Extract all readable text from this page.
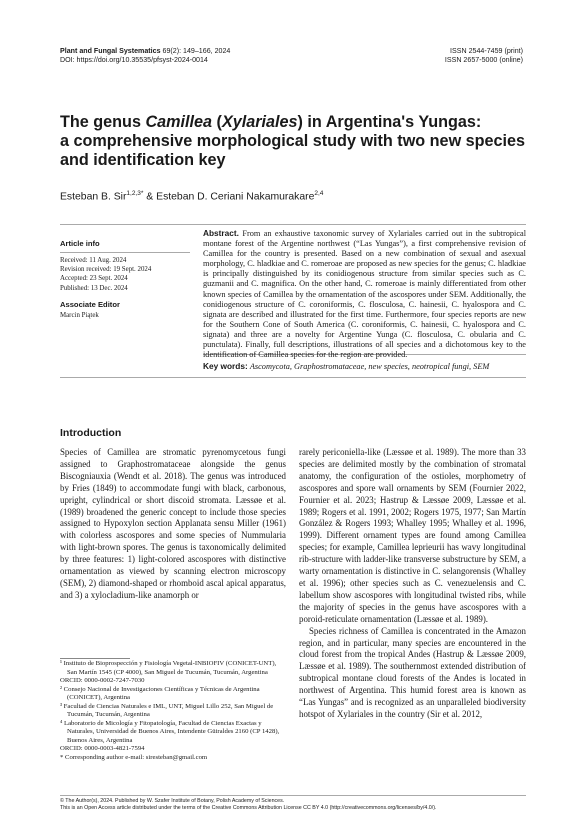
Plant and Fungal Systematics 69(2): 149–166, 2024
DOI: https://doi.org/10.35535/pfsyst-2024-0014
ISSN 2544-7459 (print)
ISSN 2657-5000 (online)
The genus Camillea (Xylariales) in Argentina's Yungas:
a comprehensive morphological study with two new species
and identification key
Esteban B. Sir$^{1,2,3*}$ & Esteban D. Ceriani Nakamurakare$^{2,4}$
Article info
Received: 11 Aug. 2024
Revision received: 19 Sept. 2024
Accepted: 23 Sept. 2024
Published: 13 Dec. 2024
Associate Editor
Marcin Piątek
Abstract. From an exhaustive taxonomic survey of Xylariales carried out in the subtropical montane forest of the Argentine northwest (“Las Yungas”), a first comprehensive revision of Camillea for the country is presented. Based on a new combination of sexual and asexual morphology, C. hladkiae and C. romeroae are proposed as new species for the genus; C. hladkiae is principally distinguished by its conidiogenous structure from similar species such as C. guzmanii and C. magnifica. On the other hand, C. romeroae is mainly differentiated from other known species of Camillea by the ornamentation of the ascospores under SEM. Additionally, the conidiogenous structure of C. coroniformis, C. flosculosa, C. hainesii, C. hyalospora and C. signata are described and illustrated for the first time. Furthermore, four species reports are new for the Southern Cone of South America (C. coroniformis, C. hainesii, C. hyalospora and C. signata) and three are a novelty for Argentine Yunga (C. flosculosa, C. obularia and C. punctulata). Finally, full descriptions, illustrations of all species and a dichotomous key to the identification of Camillea species for the region are provided.
Key words: Ascomycota, Graphostromataceae, new species, neotropical fungi, SEM
Introduction

Species of Camillea are stromatic pyrenomycetous fungi assigned to Graphostromataceae alongside the genus Biscogniauxia (Wendt et al. 2018). The genus was introduced by Fries (1849) to accommodate fungi with black, carbonous, upright, cylindrical or short discoid stromata. Læssøe et al. (1989) broadened the generic concept to include those species assigned to Hypoxylon section Applanata sensu Miller (1961) with colorless ascospores and some species of Nummularia with light-brown spores. The genus is taxonomically delimited by three features: 1) light-colored ascospores with distinctive ornamentation as viewed by scanning electron microscopy (SEM), 2) diamond-shaped or rhomboid ascal apical apparatus, and 3) a xylocladium-like anamorph or

rarely periconiella-like (Læssøe et al. 1989). The more than 33 species are delimited mostly by the combination of stromatal anatomy, the configuration of the ostioles, morphometry of ascospores and spore wall ornaments by SEM (Fournier 2022, Fournier et al. 2023; Hastrup & Læssøe 2009, Læssøe et al. 1989; Rogers et al. 1991, 2002; Rogers 1975, 1977; San Martín González & Rogers 1993; Whalley 1995; Whalley et al. 1996, 1999). Different ornament types are found among Camillea species; for example, Camillea leprieurii has wavy longitudinal rib-structure with ladder-like transverse substructure by SEM, a warty ornamentation is distinctive in C. selangorensis (Whalley et al. 1996); other species such as C. venezuelensis and C. labellum show ascospores with longitudinal twisted ribs, while the majority of species in the genus have ascospores with a poroid-reticulate ornamentation (Læssøe et al. 1989).

Species richness of Camillea is concentrated in the Amazon region, and in particular, many species are encountered in the cloud forest from the tropical Andes (Hastrup & Læssøe 2009, Læssøe et al. 1989). The southernmost extended distribution of subtropical montane cloud forests of the Andes is located in northwest of Argentina. This humid forest area is known as “Las Yungas” and is recognized as an unparalleled biodiversity hotspot of Xylariales in the country (Sir et al. 2012,

¹ Instituto de Bioprospección y Fisiología Vegetal-INBIOFIV (CONICET-UNT), San Martín 1545 (CP 4000), San Miguel de Tucumán, Tucumán, Argentina
ORCID: 0000-0002-7247-7030
² Consejo Nacional de Investigaciones Científicas y Técnicas de Argentina (CONICET), Argentina
³ Facultad de Ciencias Naturales e IML, UNT, Miguel Lillo 252, San Miguel de Tucumán, Tucumán, Argentina
⁴ Laboratorio de Micología y Fitopatología, Facultad de Ciencias Exactas y Naturales, Universidad de Buenos Aires, Intendente Güiraldes 2160 (CP 1428), Buenos Aires, Argentina
ORCID: 0000-0003-4821-7594
* Corresponding author e-mail: siresteban@gmail.com
© The Author(s), 2024. Published by W. Szafer Institute of Botany, Polish Academy of Sciences.
This is an Open Access article distributed under the terms of the Creative Commons Attribution License CC BY 4.0 (http://creativecommons.org/licenses/by/4.0/).
